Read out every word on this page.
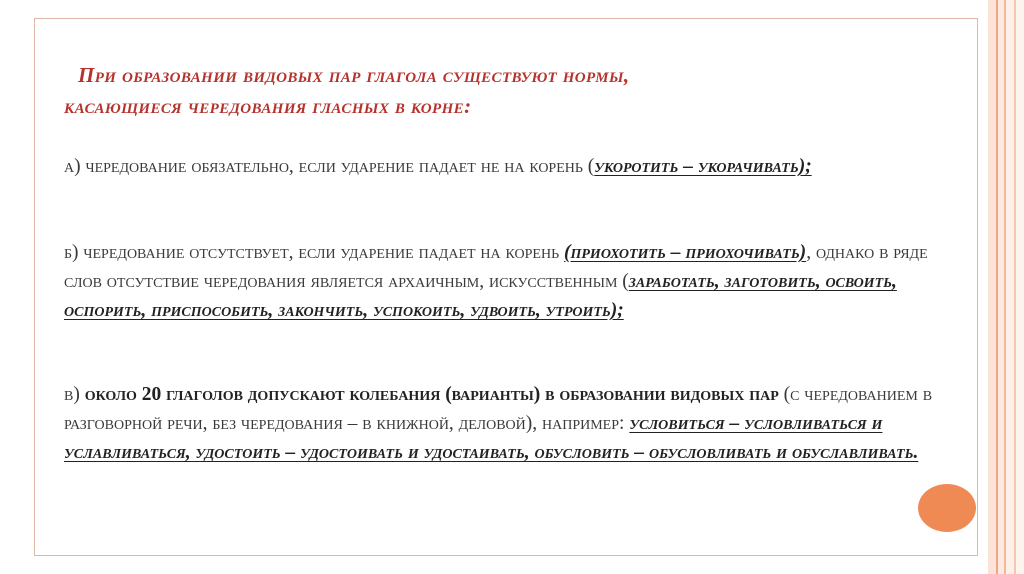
При образовании видовых пар глагола существуют нормы,
касающиеся чередования гласных в корне:

а) чередование обязательно, если ударение падает не на корень (укоротить – укорачивать);

б) чередование отсутствует, если ударение падает на корень (приохотить – приохочивать), однако в ряде слов отсутствие чередования является архаичным, искусственным (заработать, заготовить, освоить, оспорить, приспособить, закончить, успокоить, удвоить, утроить);

в) около 20 глаголов допускают колебания (варианты) в образовании видовых пар (с чередованием в разговорной речи, без чередования – в книжной, деловой), например: условиться – условливаться и уславливаться, удостоить – удостоивать и удостаивать, обусловить – обусловливать и обуславливать.
